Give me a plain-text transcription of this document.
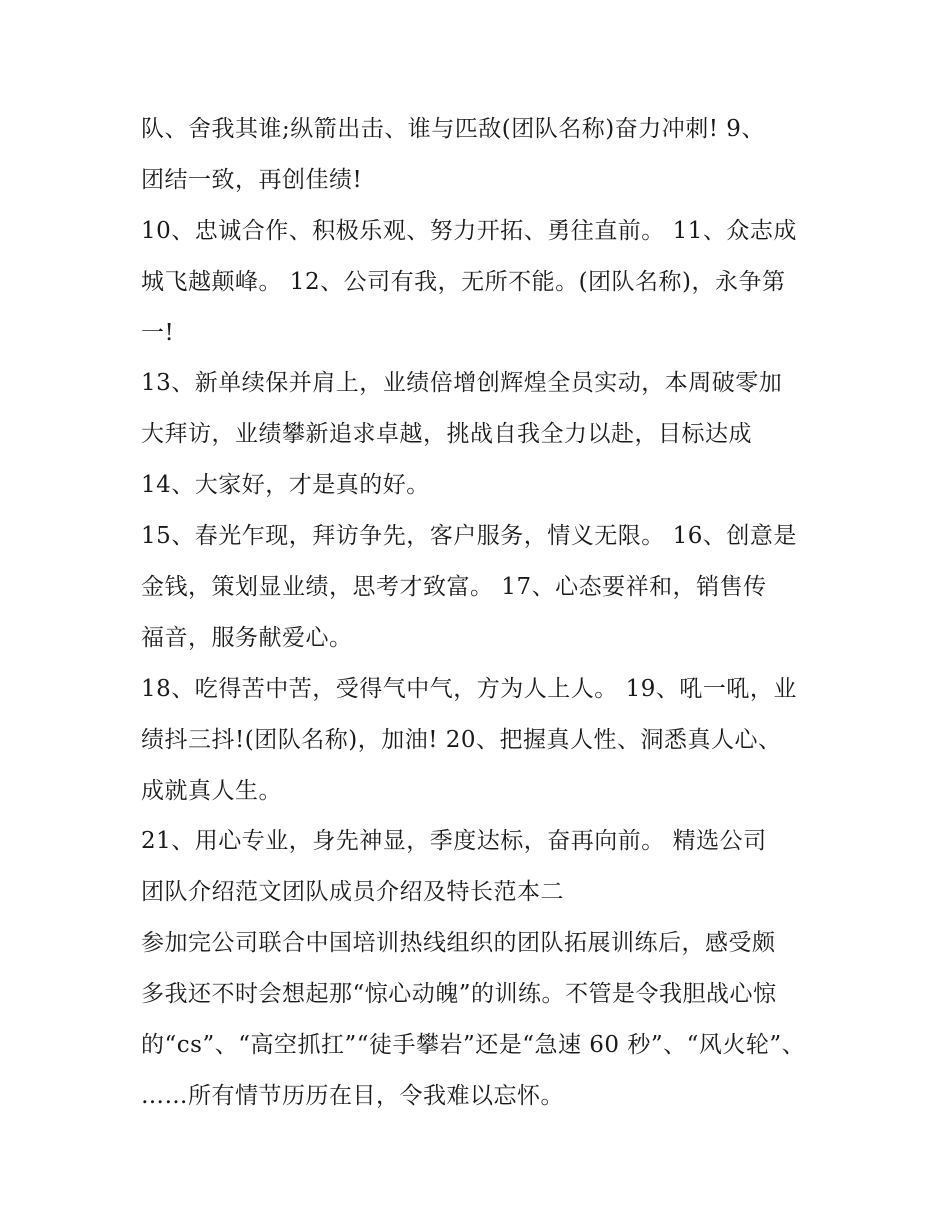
队、舍我其谁;纵箭出击、谁与匹敌(团队名称)奋力冲刺! 9、
团结一致，再创佳绩!
10、忠诚合作、积极乐观、努力开拓、勇往直前。 11、众志成
城飞越颠峰。 12、公司有我，无所不能。(团队名称)，永争第
一!
13、新单续保并肩上，业绩倍增创辉煌全员实动，本周破零加
大拜访，业绩攀新追求卓越，挑战自我全力以赴，目标达成
14、大家好，才是真的好。
15、春光乍现，拜访争先，客户服务，情义无限。 16、创意是
金钱，策划显业绩，思考才致富。 17、心态要祥和，销售传
福音，服务献爱心。
18、吃得苦中苦，受得气中气，方为人上人。 19、吼一吼，业
绩抖三抖!(团队名称)，加油! 20、把握真人性、洞悉真人心、
成就真人生。
21、用心专业，身先神显，季度达标，奋再向前。 精选公司
团队介绍范文团队成员介绍及特长范本二
参加完公司联合中国培训热线组织的团队拓展训练后，感受颇
多我还不时会想起那“惊心动魄”的训练。不管是令我胆战心惊
的“cs”、“高空抓扛”“徒手攀岩”还是“急速 60 秒”、“风火轮”、
……所有情节历历在目，令我难以忘怀。
